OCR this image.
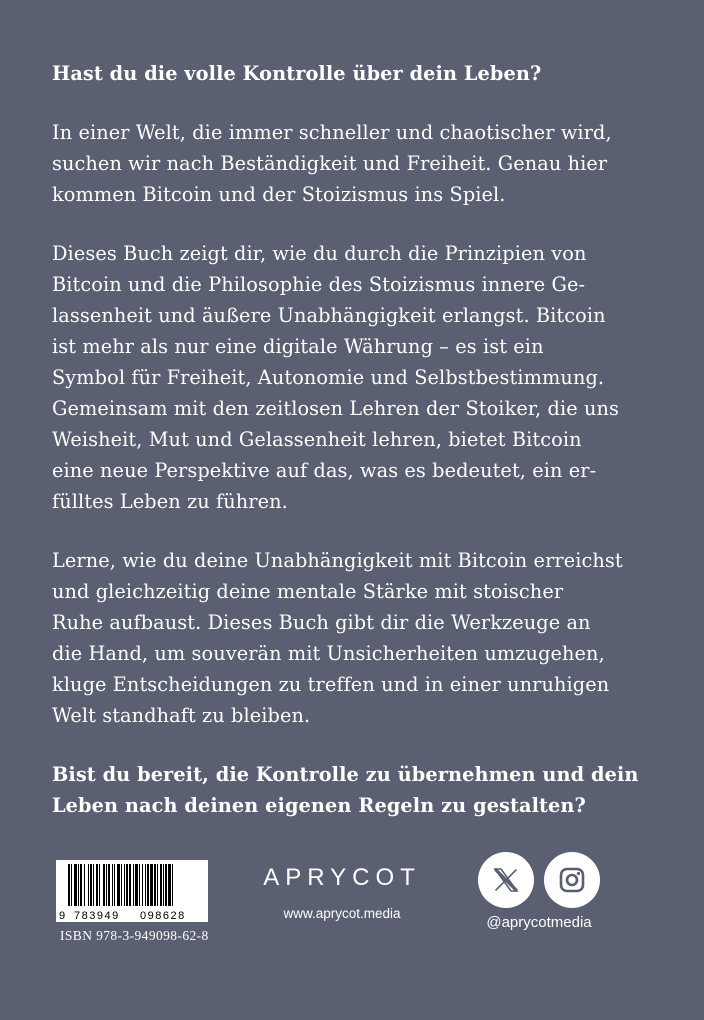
Hast du die volle Kontrolle über dein Leben?

In einer Welt, die immer schneller und chaotischer wird,
suchen wir nach Beständigkeit und Freiheit. Genau hier
kommen Bitcoin und der Stoizismus ins Spiel.

Dieses Buch zeigt dir, wie du durch die Prinzipien von
Bitcoin und die Philosophie des Stoizismus innere Ge-
lassenheit und äußere Unabhängigkeit erlangst. Bitcoin
ist mehr als nur eine digitale Währung – es ist ein
Symbol für Freiheit, Autonomie und Selbstbestimmung.
Gemeinsam mit den zeitlosen Lehren der Stoiker, die uns
Weisheit, Mut und Gelassenheit lehren, bietet Bitcoin
eine neue Perspektive auf das, was es bedeutet, ein er-
fülltes Leben zu führen.

Lerne, wie du deine Unabhängigkeit mit Bitcoin erreichst
und gleichzeitig deine mentale Stärke mit stoischer
Ruhe aufbaust. Dieses Buch gibt dir die Werkzeuge an
die Hand, um souverän mit Unsicherheiten umzugehen,
kluge Entscheidungen zu treffen und in einer unruhigen
Welt standhaft zu bleiben.

Bist du bereit, die Kontrolle zu übernehmen und dein
Leben nach deinen eigenen Regeln zu gestalten?

9 783949 098628
ISBN 978-3-949098-62-8
APRYCOT
www.aprycot.media
@aprycotmedia
